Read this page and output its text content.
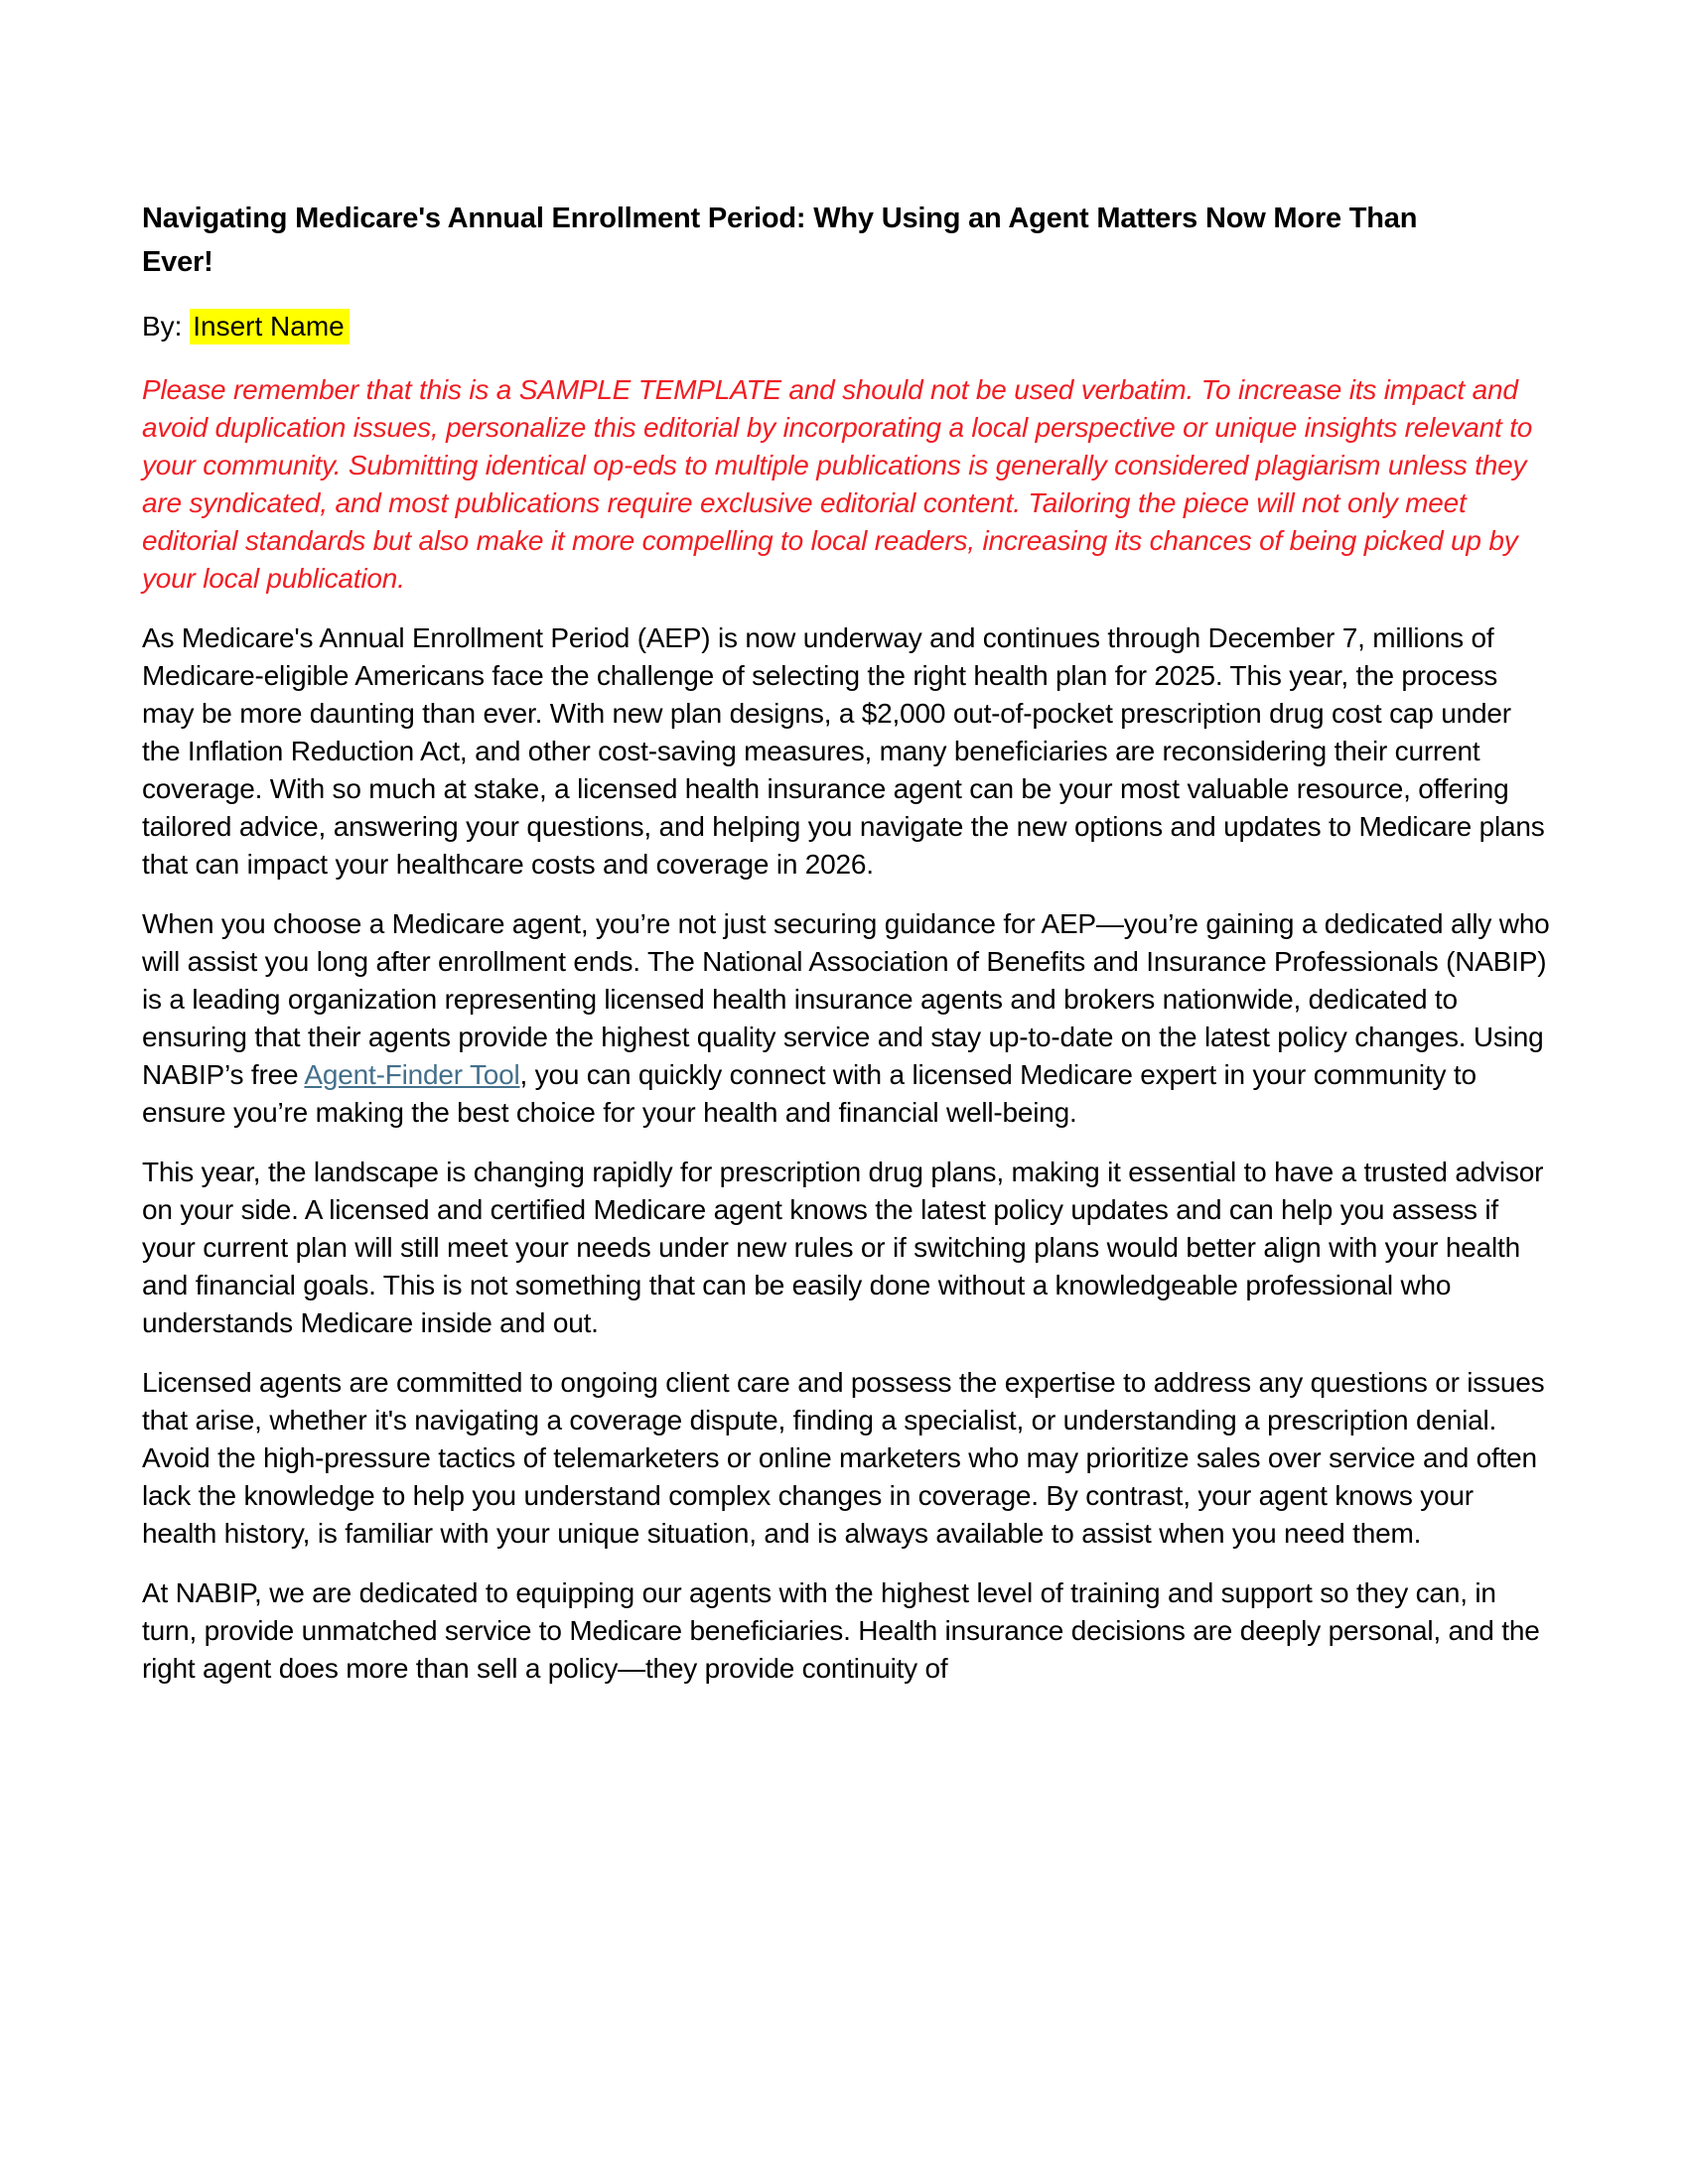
Navigating Medicare's Annual Enrollment Period: Why Using an Agent Matters Now More Than Ever!

By: Insert Name

Please remember that this is a SAMPLE TEMPLATE and should not be used verbatim. To increase its impact and avoid duplication issues, personalize this editorial by incorporating a local perspective or unique insights relevant to your community. Submitting identical op-eds to multiple publications is generally considered plagiarism unless they are syndicated, and most publications require exclusive editorial content. Tailoring the piece will not only meet editorial standards but also make it more compelling to local readers, increasing its chances of being picked up by your local publication.

As Medicare's Annual Enrollment Period (AEP) is now underway and continues through December 7, millions of Medicare-eligible Americans face the challenge of selecting the right health plan for 2025. This year, the process may be more daunting than ever. With new plan designs, a $2,000 out-of-pocket prescription drug cost cap under the Inflation Reduction Act, and other cost-saving measures, many beneficiaries are reconsidering their current coverage. With so much at stake, a licensed health insurance agent can be your most valuable resource, offering tailored advice, answering your questions, and helping you navigate the new options and updates to Medicare plans that can impact your healthcare costs and coverage in 2026.

When you choose a Medicare agent, you’re not just securing guidance for AEP—you’re gaining a dedicated ally who will assist you long after enrollment ends. The National Association of Benefits and Insurance Professionals (NABIP) is a leading organization representing licensed health insurance agents and brokers nationwide, dedicated to ensuring that their agents provide the highest quality service and stay up-to-date on the latest policy changes. Using NABIP’s free Agent-Finder Tool, you can quickly connect with a licensed Medicare expert in your community to ensure you’re making the best choice for your health and financial well-being.

This year, the landscape is changing rapidly for prescription drug plans, making it essential to have a trusted advisor on your side. A licensed and certified Medicare agent knows the latest policy updates and can help you assess if your current plan will still meet your needs under new rules or if switching plans would better align with your health and financial goals. This is not something that can be easily done without a knowledgeable professional who understands Medicare inside and out.

Licensed agents are committed to ongoing client care and possess the expertise to address any questions or issues that arise, whether it's navigating a coverage dispute, finding a specialist, or understanding a prescription denial. Avoid the high-pressure tactics of telemarketers or online marketers who may prioritize sales over service and often lack the knowledge to help you understand complex changes in coverage. By contrast, your agent knows your health history, is familiar with your unique situation, and is always available to assist when you need them.

At NABIP, we are dedicated to equipping our agents with the highest level of training and support so they can, in turn, provide unmatched service to Medicare beneficiaries. Health insurance decisions are deeply personal, and the right agent does more than sell a policy—they provide continuity of
